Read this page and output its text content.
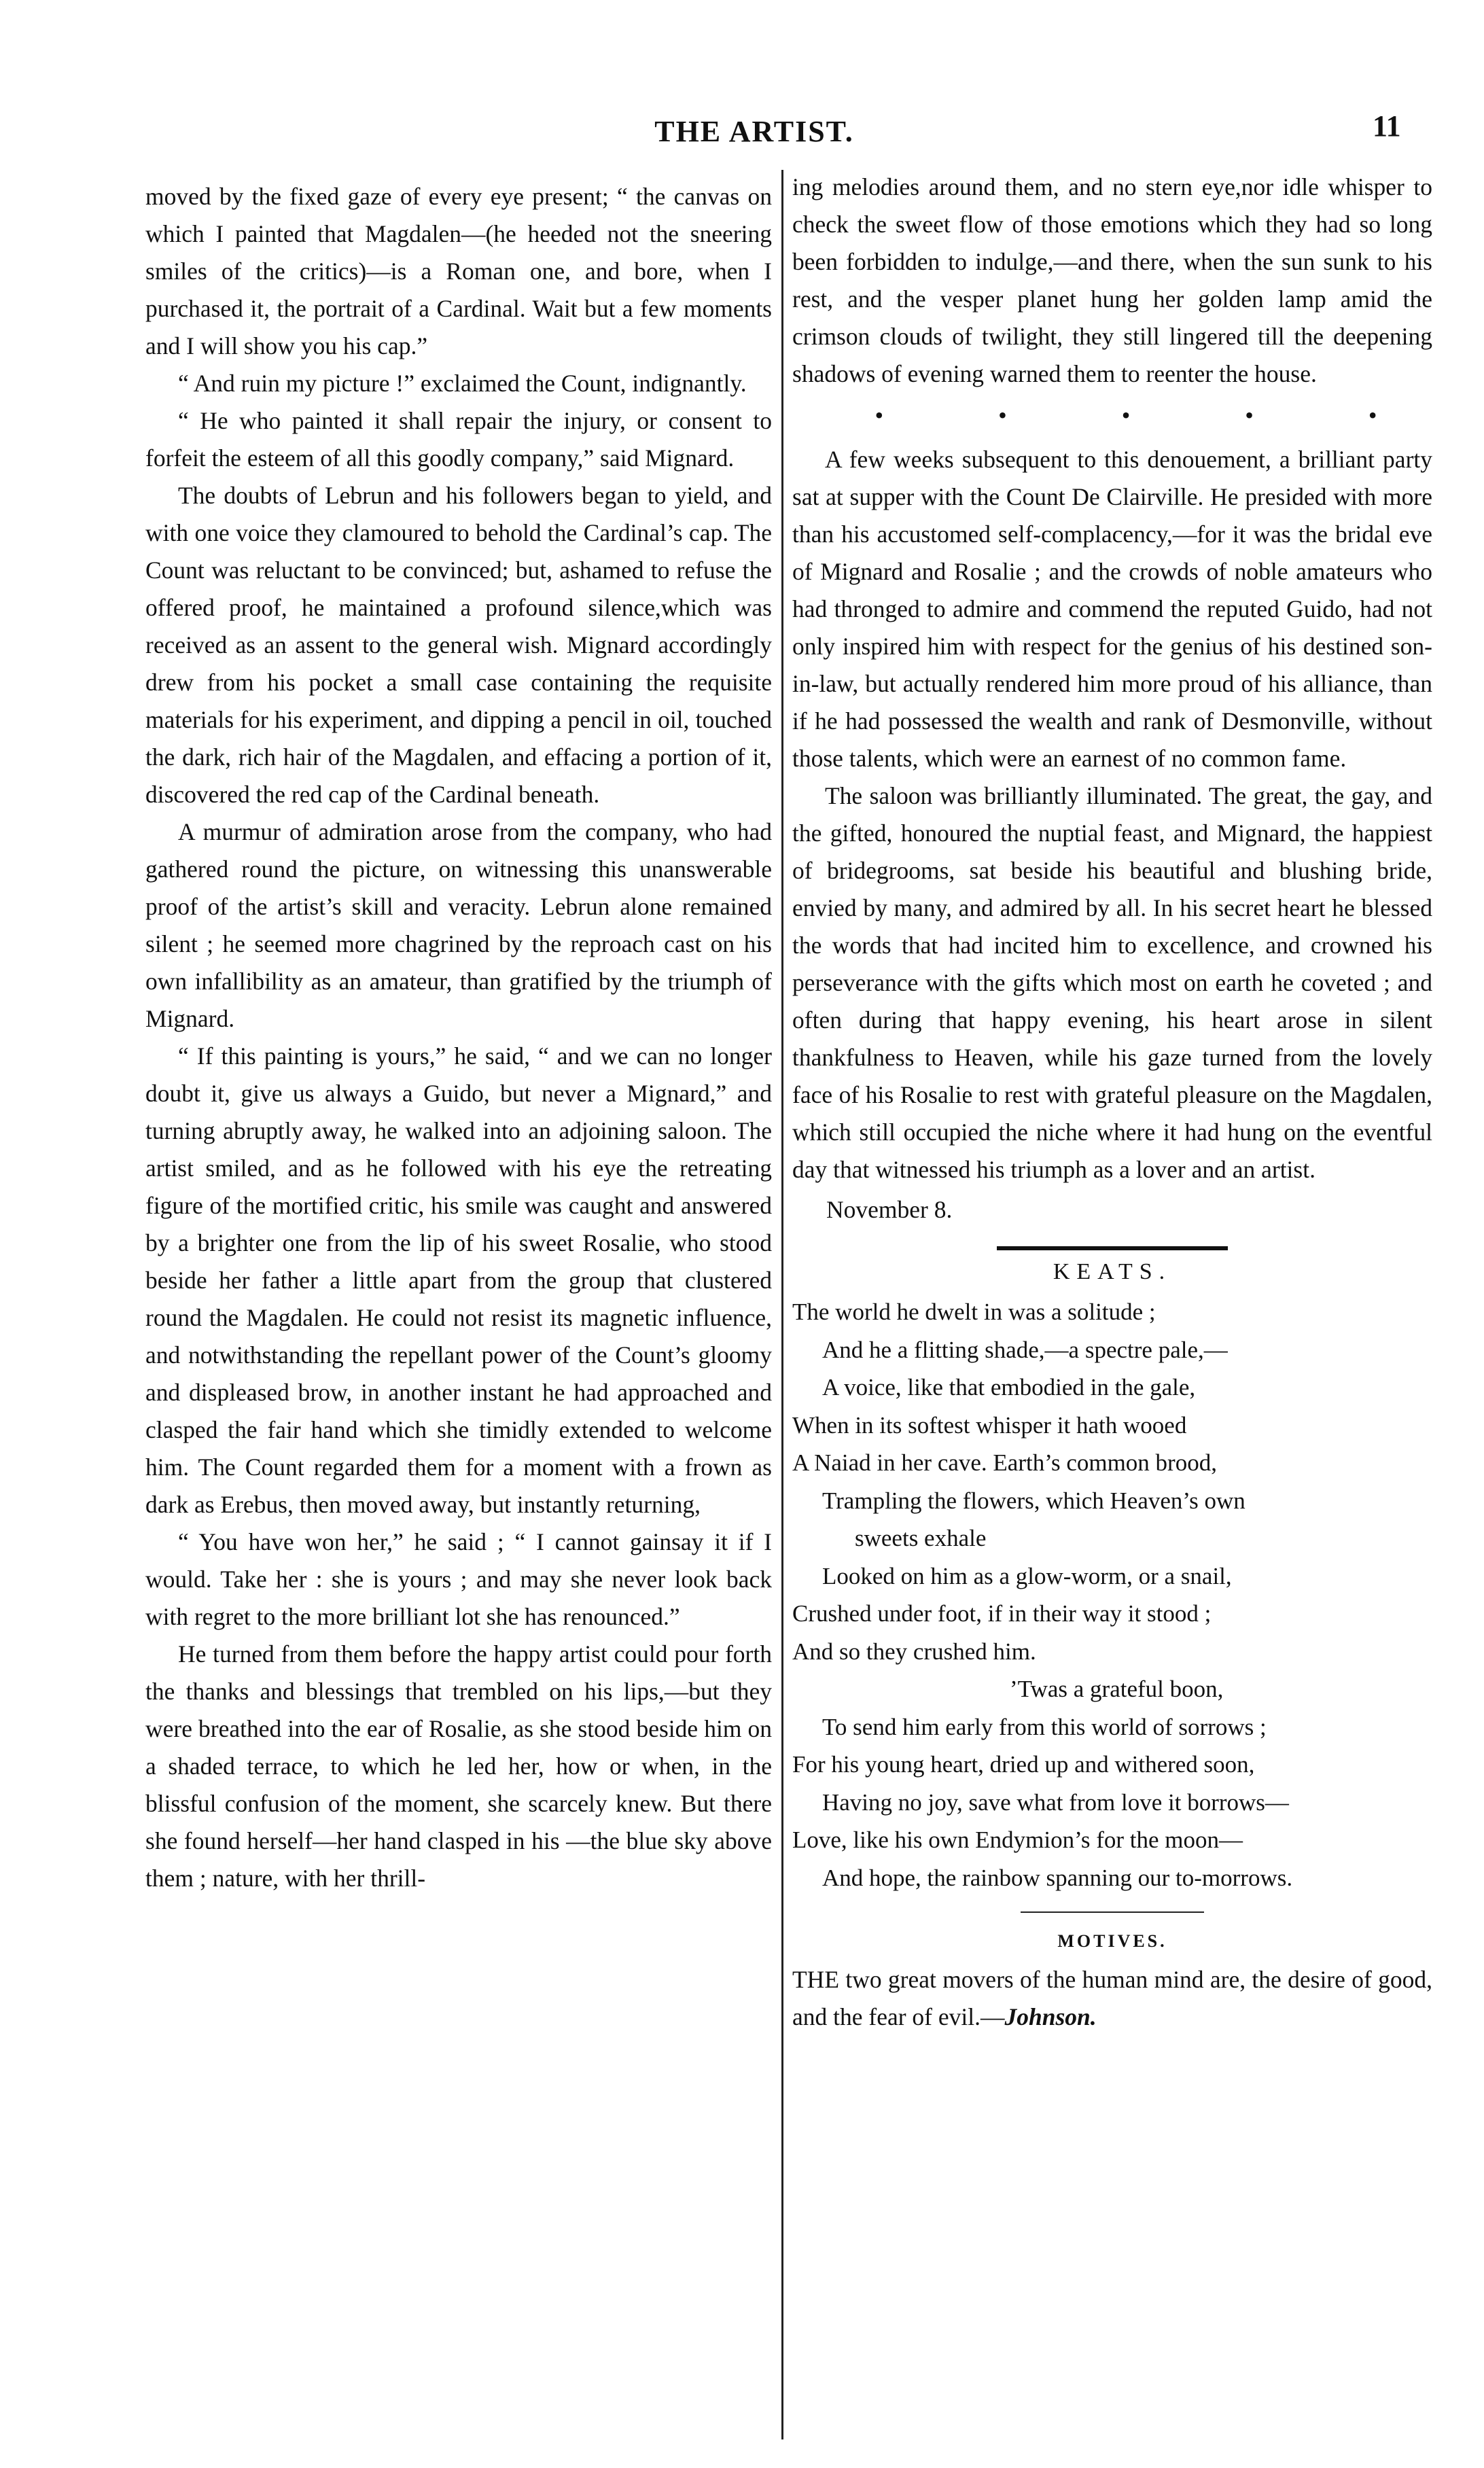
THE ARTIST.	11

moved by the fixed gaze of every eye present; “ the canvas on which I painted that Magdalen—(he heeded not the sneering smiles of the critics)—is a Roman one, and bore, when I purchased it, the portrait of a Cardinal. Wait but a few moments and I will show you his cap.”

“ And ruin my picture !” exclaimed the Count, indignantly.

“ He who painted it shall repair the injury, or consent to forfeit the esteem of all this goodly company,” said Mignard.

The doubts of Lebrun and his followers began to yield, and with one voice they clamoured to behold the Cardinal’s cap. The Count was reluctant to be convinced; but, ashamed to refuse the offered proof, he maintained a profound silence,which was received as an assent to the general wish. Mignard accordingly drew from his pocket a small case containing the requisite materials for his experiment, and dipping a pencil in oil, touched the dark, rich hair of the Magdalen, and effacing a portion of it, discovered the red cap of the Cardinal beneath.

A murmur of admiration arose from the company, who had gathered round the picture, on witnessing this unanswerable proof of the artist’s skill and veracity. Lebrun alone remained silent ; he seemed more chagrined by the reproach cast on his own infallibility as an amateur, than gratified by the triumph of Mignard.

“ If this painting is yours,” he said, “ and we can no longer doubt it, give us always a Guido, but never a Mignard,” and turning abruptly away, he walked into an adjoining saloon. The artist smiled, and as he followed with his eye the retreating figure of the mortified critic, his smile was caught and answered by a brighter one from the lip of his sweet Rosalie, who stood beside her father a little apart from the group that clustered round the Magdalen. He could not resist its magnetic influence, and notwithstanding the repellant power of the Count’s gloomy and displeased brow, in another instant he had approached and clasped the fair hand which she timidly extended to welcome him. The Count regarded them for a moment with a frown as dark as Erebus, then moved away, but instantly returning,

“ You have won her,” he said ; “ I cannot gainsay it if I would. Take her : she is yours ; and may she never look back with regret to the more brilliant lot she has renounced.”

He turned from them before the happy artist could pour forth the thanks and blessings that trembled on his lips,—but they were breathed into the ear of Rosalie, as she stood beside him on a shaded terrace, to which he led her, how or when, in the blissful confusion of the moment, she scarcely knew. But there she found herself—her hand clasped in his —the blue sky above them ; nature, with her thrill-

ing melodies around them, and no stern eye,nor idle whisper to check the sweet flow of those emotions which they had so long been forbidden to indulge,—and there, when the sun sunk to his rest, and the vesper planet hung her golden lamp amid the crimson clouds of twilight, they still lingered till the deepening shadows of evening warned them to reenter the house.

• • • • •

A few weeks subsequent to this denouement, a brilliant party sat at supper with the Count De Clairville. He presided with more than his accustomed self-complacency,—for it was the bridal eve of Mignard and Rosalie ; and the crowds of noble amateurs who had thronged to admire and commend the reputed Guido, had not only inspired him with respect for the genius of his destined son-in-law, but actually rendered him more proud of his alliance, than if he had possessed the wealth and rank of Desmonville, without those talents, which were an earnest of no common fame.

The saloon was brilliantly illuminated. The great, the gay, and the gifted, honoured the nuptial feast, and Mignard, the happiest of bridegrooms, sat beside his beautiful and blushing bride, envied by many, and admired by all. In his secret heart he blessed the words that had incited him to excellence, and crowned his perseverance with the gifts which most on earth he coveted ; and often during that happy evening, his heart arose in silent thankfulness to Heaven, while his gaze turned from the lovely face of his Rosalie to rest with grateful pleasure on the Magdalen, which still occupied the niche where it had hung on the eventful day that witnessed his triumph as a lover and an artist.

November 8.
KEATS.
The world he dwelt in was a solitude ;
And he a flitting shade,—a spectre pale,—
A voice, like that embodied in the gale,
When in its softest whisper it hath wooed
A Naiad in her cave. Earth’s common brood,
Trampling the flowers, which Heaven’s own
sweets exhale
Looked on him as a glow-worm, or a snail,
Crushed under foot, if in their way it stood ;
And so they crushed him.
’Twas a grateful boon,
To send him early from this world of sorrows ;
For his young heart, dried up and withered soon,
Having no joy, save what from love it borrows—
Love, like his own Endymion’s for the moon—
And hope, the rainbow spanning our to-morrows.
MOTIVES.

THE two great movers of the human mind are, the desire of good, and the fear of evil.—Johnson.
